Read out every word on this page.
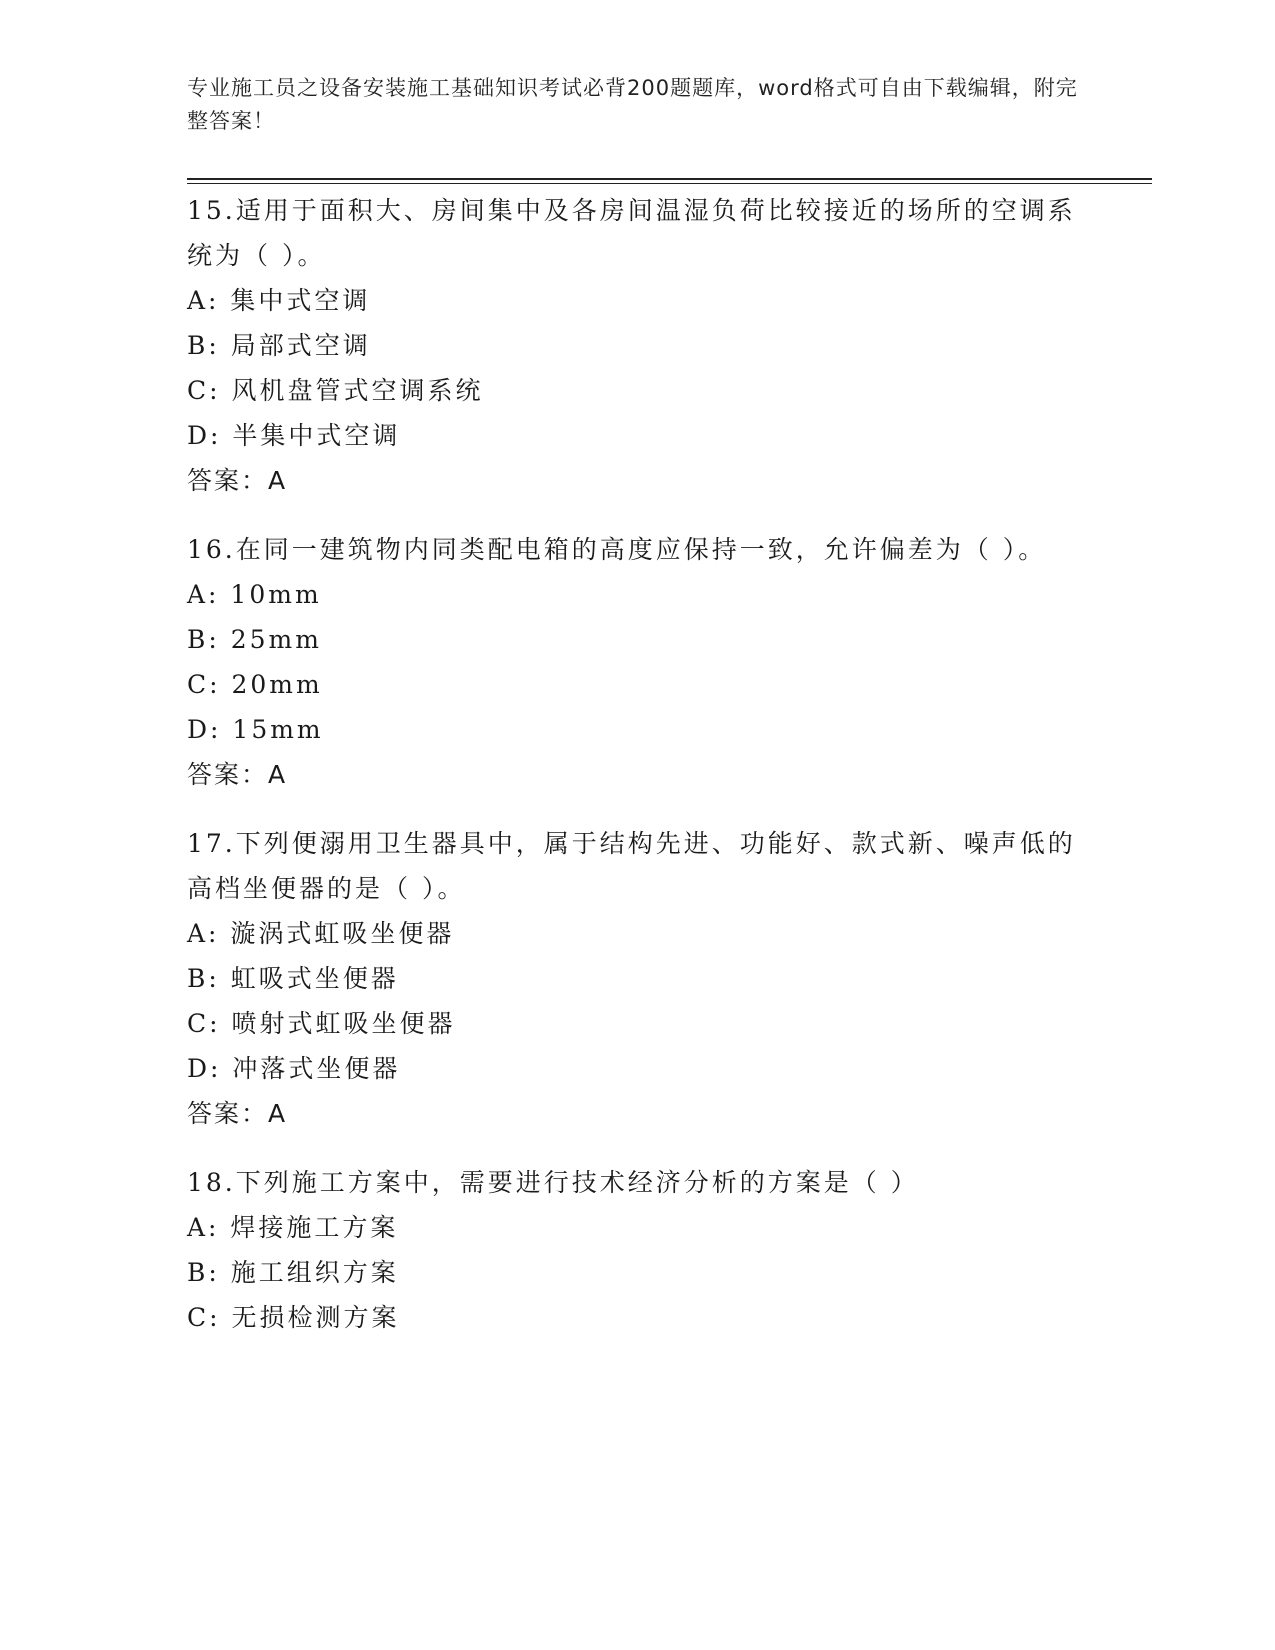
专业施工员之设备安装施工基础知识考试必背200题题库，word格式可自由下载编辑，附完整答案！
15.适用于面积大、房间集中及各房间温湿负荷比较接近的场所的空调系统为（ ）。
A: 集中式空调
B: 局部式空调
C: 风机盘管式空调系统
D: 半集中式空调
答案：A
16.在同一建筑物内同类配电箱的高度应保持一致，允许偏差为（ ）。
A: 10mm
B: 25mm
C: 20mm
D: 15mm
答案：A
17.下列便溺用卫生器具中，属于结构先进、功能好、款式新、噪声低的高档坐便器的是（ ）。
A: 漩涡式虹吸坐便器
B: 虹吸式坐便器
C: 喷射式虹吸坐便器
D: 冲落式坐便器
答案：A
18.下列施工方案中，需要进行技术经济分析的方案是（ ）
A: 焊接施工方案
B: 施工组织方案
C: 无损检测方案
